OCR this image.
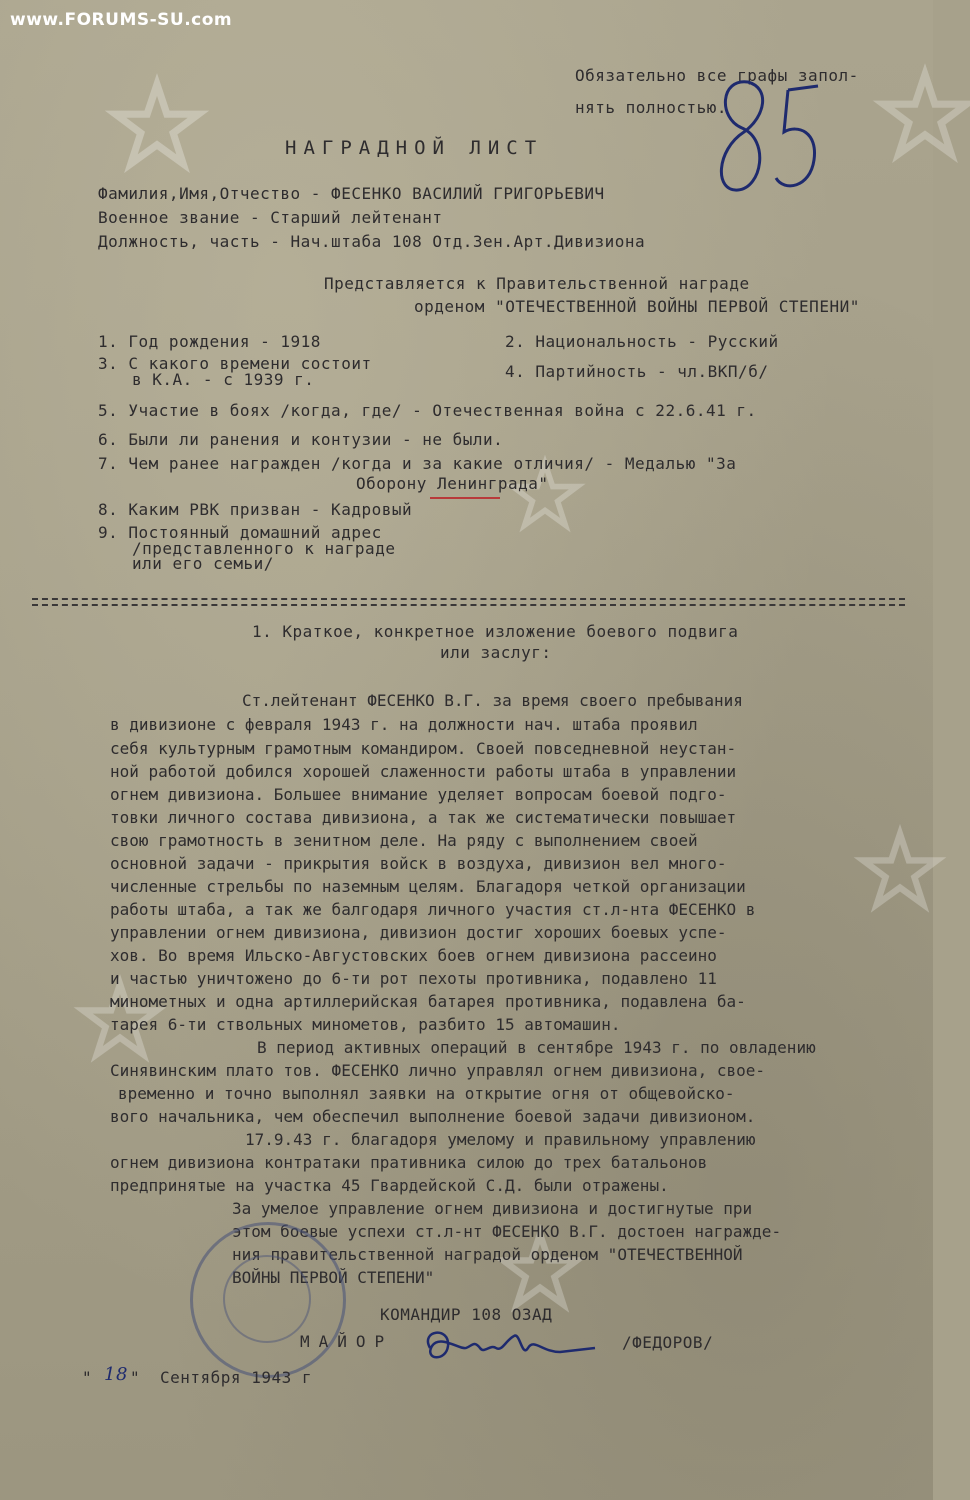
www.FORUMS-SU.com
Обязательно все графы запол-
нять полностью.
85
НАГРАДНОЙ ЛИСТ
Фамилия,Имя,Отчество - ФЕСЕНКО ВАСИЛИЙ ГРИГОРЬЕВИЧ
Военное звание - Старший лейтенант
Должность, часть - Нач.штаба 108 Отд.Зен.Арт.Дивизиона
Представляется к Правительственной награде
орденом "ОТЕЧЕСТВЕННОЙ ВОЙНЫ ПЕРВОЙ СТЕПЕНИ"
1. Год рождения - 1918	2. Национальность - Русский
3. С какого времени состоит
в К.А. - с 1939 г.	4. Партийность - чл.ВКП/б/
5. Участие в боях /когда, где/ - Отечественная война с 22.6.41 г.
6. Были ли ранения и контузии - не были.
7. Чем ранее награжден /когда и за какие отличия/ - Медалью "За
Оборону Ленинграда"
8. Каким РВК призван - Кадровый
9. Постоянный домашний адрес
/представленного к награде
или его семьи/
1. Краткое, конкретное изложение боевого подвига
или заслуг:
Ст.лейтенант ФЕСЕНКО В.Г. за время своего пребывания
в дивизионе с февраля 1943 г. на должности нач. штаба проявил
себя культурным грамотным командиром. Своей повседневной неустан-
ной работой добился хорошей слаженности работы штаба в управлении
огнем дивизиона. Большее внимание уделяет вопросам боевой подго-
товки личного состава дивизиона, а так же систематически повышает
свою грамотность в зенитном деле. На ряду с выполнением своей
основной задачи - прикрытия войск в воздуха, дивизион вел много-
численные стрельбы по наземным целям. Благадоря четкой организации
работы штаба, а так же балгодаря личного участия ст.л-нта ФЕСЕНКО в
управлении огнем дивизиона, дивизион достиг хороших боевых успе-
хов. Во время Ильско-Августовских боев огнем дивизиона рассеино
и частью уничтожено до 6-ти рот пехоты противника, подавлено 11
минометных и одна артиллерийская батарея противника, подавлена ба-
тарея 6-ти ствольных минометов, разбито 15 автомашин.
В период активных операций в сентябре 1943 г. по овладению
Синявинским плато тов. ФЕСЕНКО лично управлял огнем дивизиона, свое-
временно и точно выполнял заявки на открытие огня от общевойско-
вого начальника, чем обеспечил выполнение боевой задачи дивизионом.
17.9.43 г. благадоря умелому и правильному управлению
огнем дивизиона контратаки пративника силою до трех батальонов
предпринятые на участка 45 Гвардейской С.Д. были отражены.
За умелое управление огнем дивизиона и достигнутые при
этом боевые успехи ст.л-нт ФЕСЕНКО В.Г. достоен награжде-
ния правительственной наградой орденом "ОТЕЧЕСТВЕННОЙ
ВОЙНЫ ПЕРВОЙ СТЕПЕНИ"
КОМАНДИР 108 ОЗАД
МАЙОР	/ФЕДОРОВ/
" 18 " Сентября 1943 г
